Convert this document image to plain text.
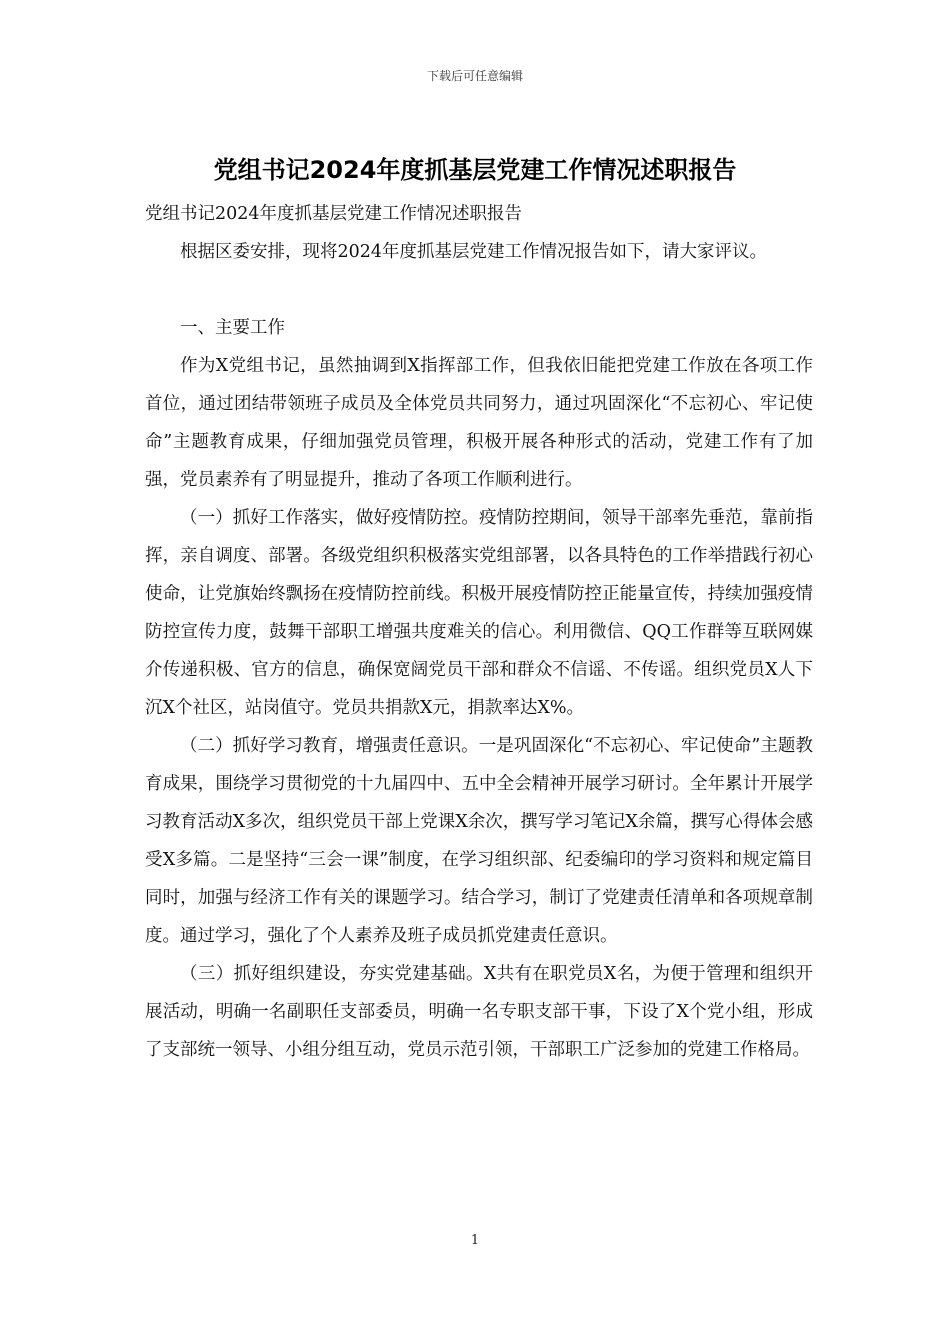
下载后可任意编辑
党组书记2024年度抓基层党建工作情况述职报告

党组书记2024年度抓基层党建工作情况述职报告

根据区委安排，现将2024年度抓基层党建工作情况报告如下，请大家评议。

一、主要工作

作为X党组书记，虽然抽调到X指挥部工作，但我依旧能把党建工作放在各项工作首位，通过团结带领班子成员及全体党员共同努力，通过巩固深化“不忘初心、牢记使命”主题教育成果，仔细加强党员管理，积极开展各种形式的活动，党建工作有了加强，党员素养有了明显提升，推动了各项工作顺利进行。

（一）抓好工作落实，做好疫情防控。疫情防控期间，领导干部率先垂范，靠前指挥，亲自调度、部署。各级党组织积极落实党组部署，以各具特色的工作举措践行初心使命，让党旗始终飘扬在疫情防控前线。积极开展疫情防控正能量宣传，持续加强疫情防控宣传力度，鼓舞干部职工增强共度难关的信心。利用微信、QQ工作群等互联网媒介传递积极、官方的信息，确保宽阔党员干部和群众不信谣、不传谣。组织党员X人下沉X个社区，站岗值守。党员共捐款X元，捐款率达X%。

（二）抓好学习教育，增强责任意识。一是巩固深化“不忘初心、牢记使命”主题教育成果，围绕学习贯彻党的十九届四中、五中全会精神开展学习研讨。全年累计开展学习教育活动X多次，组织党员干部上党课X余次，撰写学习笔记X余篇，撰写心得体会感受X多篇。二是坚持“三会一课”制度，在学习组织部、纪委编印的学习资料和规定篇目同时，加强与经济工作有关的课题学习。结合学习，制订了党建责任清单和各项规章制度。通过学习，强化了个人素养及班子成员抓党建责任意识。

（三）抓好组织建设，夯实党建基础。X共有在职党员X名，为便于管理和组织开展活动，明确一名副职任支部委员，明确一名专职支部干事，下设了X个党小组，形成了支部统一领导、小组分组互动，党员示范引领，干部职工广泛参加的党建工作格局。

1
